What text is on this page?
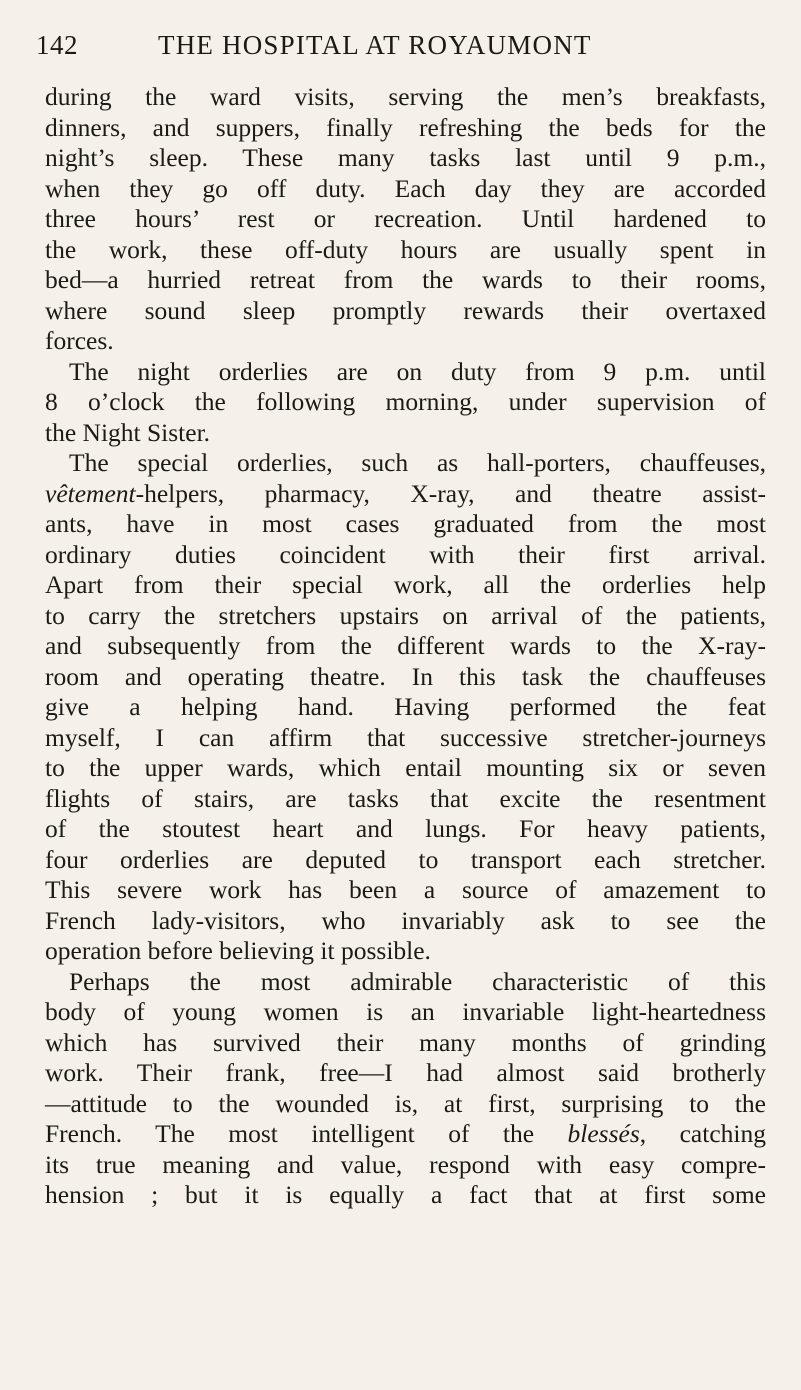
142	THE HOSPITAL AT ROYAUMONT
during the ward visits, serving the men’s breakfasts,
dinners, and suppers, finally refreshing the beds for the
night’s sleep. These many tasks last until 9 p.m.,
when they go off duty. Each day they are accorded
three hours’ rest or recreation. Until hardened to
the work, these off-duty hours are usually spent in
bed—a hurried retreat from the wards to their rooms,
where sound sleep promptly rewards their overtaxed
forces.
The night orderlies are on duty from 9 p.m. until
8 o’clock the following morning, under supervision of
the Night Sister.
The special orderlies, such as hall-porters, chauffeuses,
vêtement-helpers, pharmacy, X-ray, and theatre assist-
ants, have in most cases graduated from the most
ordinary duties coincident with their first arrival.
Apart from their special work, all the orderlies help
to carry the stretchers upstairs on arrival of the patients,
and subsequently from the different wards to the X-ray-
room and operating theatre. In this task the chauffeuses
give a helping hand. Having performed the feat
myself, I can affirm that successive stretcher-journeys
to the upper wards, which entail mounting six or seven
flights of stairs, are tasks that excite the resentment
of the stoutest heart and lungs. For heavy patients,
four orderlies are deputed to transport each stretcher.
This severe work has been a source of amazement to
French lady-visitors, who invariably ask to see the
operation before believing it possible.
Perhaps the most admirable characteristic of this
body of young women is an invariable light-heartedness
which has survived their many months of grinding
work. Their frank, free—I had almost said brotherly
—attitude to the wounded is, at first, surprising to the
French. The most intelligent of the blessés, catching
its true meaning and value, respond with easy compre-
hension ; but it is equally a fact that at first some
